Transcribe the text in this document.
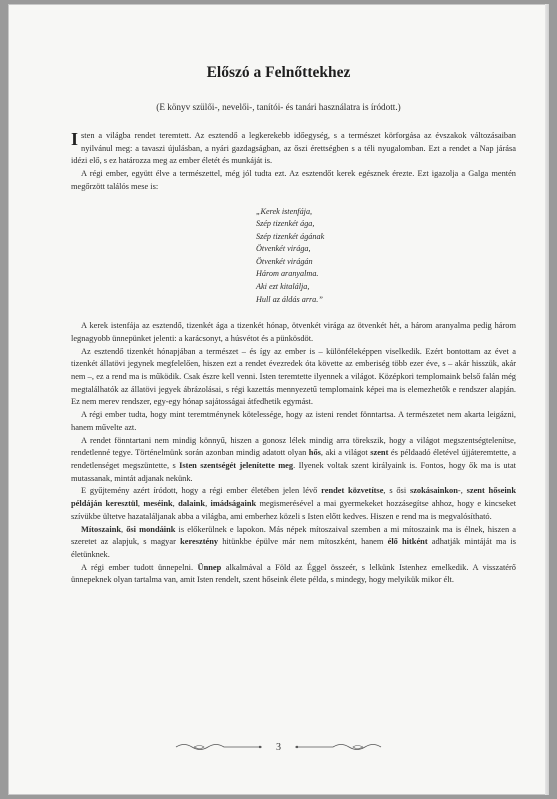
Előszó a Felnőttekhez
(E könyv szülői-, nevelői-, tanítói- és tanári használatra is íródott.)

Isten a világba rendet teremtett. Az esztendő a legkerekebb időegység, s a természet körforgása az évszakok változásaiban nyilvánul meg: a tavaszi újulásban, a nyári gazdagságban, az őszi érettségben s a téli nyugalomban. Ezt a rendet a Nap járása idézi elő, s ez határozza meg az ember életét és munkáját is.

A régi ember, együtt élve a természettel, még jól tudta ezt. Az esztendőt kerek egésznek érezte. Ezt igazolja a Galga mentén megőrzött találós mese is:

„Kerek istenfája,
Szép tizenkét ága,
Szép tizenkét ágának
Ötvenkét virága,
Ötvenkét virágán
Három aranyalma.
Aki ezt kitalálja,
Hull az áldás arra.”

A kerek istenfája az esztendő, tizenkét ága a tizenkét hónap, ötvenkét virága az ötvenkét hét, a három aranyalma pedig három legnagyobb ünnepünket jelenti: a karácsonyt, a húsvétot és a pünkösdöt.

Az esztendő tizenkét hónapjában a természet – és így az ember is – különféleképpen viselkedik. Ezért bontottam az évet a tizenkét állatövi jegynek megfelelően, hiszen ezt a rendet évezredek óta követte az emberiség több ezer éve, s – akár hisszük, akár nem –, ez a rend ma is működik. Csak észre kell venni. Isten teremtette ilyennek a világot. Középkori templomaink belső falán még megtalálhatók az állatövi jegyek ábrázolásai, s régi kazettás mennyezetű templomaink képei ma is elemezhetők e rendszer alapján. Ez nem merev rendszer, egy-egy hónap sajátosságai átfedhetik egymást.

A régi ember tudta, hogy mint teremtménynek kötelessége, hogy az isteni rendet fönntartsa. A természetet nem akarta leigázni, hanem művelte azt.

A rendet fönntartani nem mindig könnyű, hiszen a gonosz lélek mindig arra törekszik, hogy a világot megszentségtelenítse, rendetlenné tegye. Történelmünk során azonban mindig adatott olyan hős, aki a világot szent és példaadó életével újjáteremtette, a rendetlenséget megszüntette, s Isten szentségét jelenítette meg. Ilyenek voltak szent királyaink is. Fontos, hogy ők ma is utat mutassanak, mintát adjanak nekünk.

E gyűjtemény azért íródott, hogy a régi ember életében jelen lévő rendet közvetítse, s ősi szokásainkon-, szent hőseink példáján keresztül, meséink, dalaink, imádságaink megismerésével a mai gyermekeket hozzásegítse ahhoz, hogy e kincseket szívükbe ültetve hazatalálјanak abba a világba, ami emberhez közeli s Isten előtt kedves. Hiszen e rend ma is megvalósítható.

Mítoszaink, ősi mondáink is előkerülnek e lapokon. Más népek mítoszaival szemben a mi mítoszaink ma is élnek, hiszen a szeretet az alapjuk, s magyar kereszténу hitünkbe épülve már nem mítoszként, hanem élő hitként adhatják mintáját ma is életünknek.

A régi ember tudott ünnepelni. Ünnep alkalmával a Föld az Éggel összeér, s lelkünk Istenhez emelkedik. A visszatérő ünnepeknek olyan tartalma van, amit Isten rendelt, szent hőseink élete példa, s mindegy, hogy melyikük mikor élt.

3
